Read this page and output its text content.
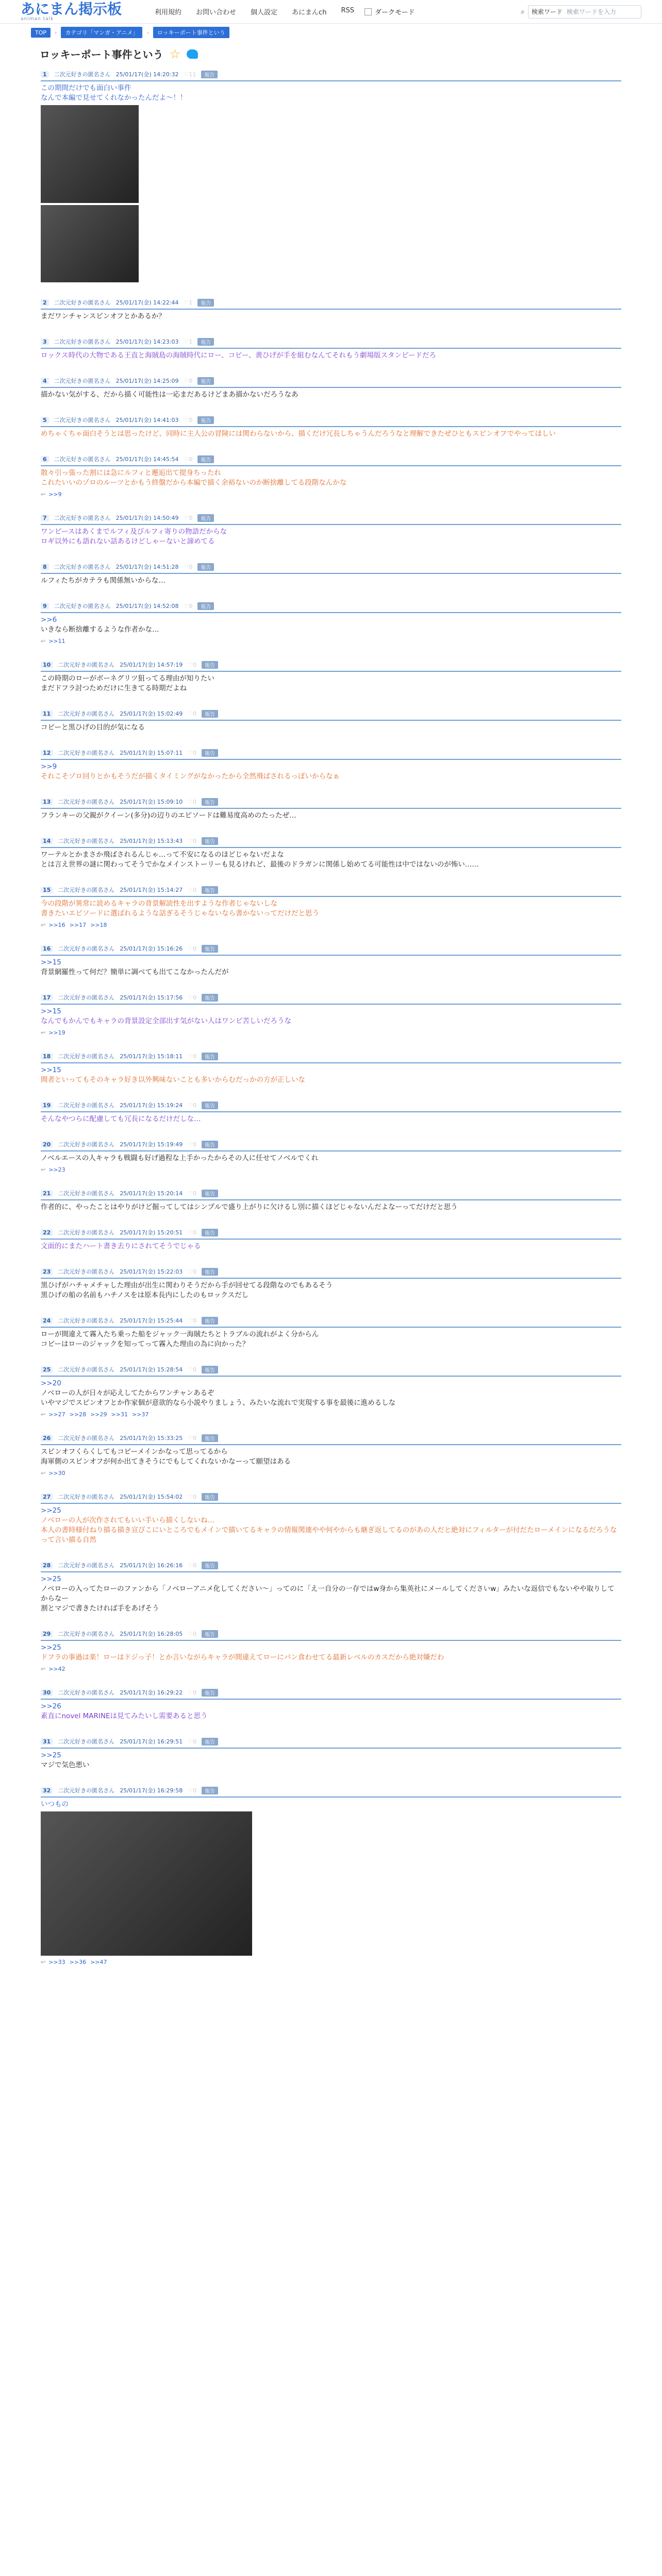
あにまん掲示板
animan talk
利用規約 お問い合わせ 個人設定 あにまんch RSS	ダークモード	⌕ 検索ワード 検索ワードを入力
TOP	›	カテゴリ「マンガ・アニメ」	›	ロッキーポート事件という
ロッキーポート事件という ☆
1	二次元好きの匿名さん 25/01/17(金) 14:20:32 ♡11	報告
この期間だけでも面白い事件
なんで本編で見せてくれなかったんだよ〜！！
2	二次元好きの匿名さん 25/01/17(金) 14:22:44 ♡1	報告
まだワンチャンスピンオフとかあるか？
3	二次元好きの匿名さん 25/01/17(金) 14:23:03 ♡1	報告
ロックス時代の大物である王直と海賊島の海賊時代にロー、コビー、黄ひげが手を組むなんてそれもう劇場版スタンピードだろ
4	二次元好きの匿名さん 25/01/17(金) 14:25:09 ♡0	報告
描かない気がする、だから描く可能性は一応まだあるけどまあ描かないだろうなあ
5	二次元好きの匿名さん 25/01/17(金) 14:41:03 ♡0	報告
めちゃくちゃ面白そうとは思ったけど、同時に主人公の冒険には関わらないから、描くだけ冗長しちゃうんだろうなと理解できたぜひともスピンオフでやってほしい
6	二次元好きの匿名さん 25/01/17(金) 14:45:54 ♡0	報告
散々引っ張った割には急にルフィと邂逅出て提身ちったれ
これたいいのゾロのルーツとかもう終盤だから本編で描く余裕ないのか断捨離してる段階なんかな
↩ >>9
7	二次元好きの匿名さん 25/01/17(金) 14:50:49 ♡0	報告
ワンピースはあくまでルフィ及びルフィ寄りの物語だからな
ロギ以外にも語れない話あるけどしゃーないと諦めてる
8	二次元好きの匿名さん 25/01/17(金) 14:51:28 ♡0	報告
ルフィたちがカテラも関係無いからな…
9	二次元好きの匿名さん 25/01/17(金) 14:52:08 ♡0	報告
>>6
いきなら断捨離するような作者かな…
↩ >>11
10	二次元好きの匿名さん 25/01/17(金) 14:57:19 ♡0	報告
この時期のローがボーネグリツ狙ってる理由が知りたい
まだドフラ討つためだけに生きてる時期だよね
11	二次元好きの匿名さん 25/01/17(金) 15:02:49 ♡0	報告
コビーと黒ひげの目的が気になる
12	二次元好きの匿名さん 25/01/17(金) 15:07:11 ♡0	報告
>>9
それこそゾロ回りとかもそうだが描くタイミングがなかったから全然飛ばされるっぽいからなぁ
13	二次元好きの匿名さん 25/01/17(金) 15:09:10 ♡0	報告
フランキーの父親がクイーン(多分)の辺りのエピソードは難易度高めのたったぜ…
14	二次元好きの匿名さん 25/01/17(金) 15:13:43 ♡0	報告
ワーテルとかまさか飛ばされるんじゃ…って不安になるのほどじゃないだよな
とは言え世界の謎に関わってそうでかなメインストーリーも見るけれど、最後のドラガンに関係し始めてる可能性は中ではないのが怖い……
15	二次元好きの匿名さん 25/01/17(金) 15:14:27 ♡0	報告
今の段階が異常に読めるキャラの背景解読性を出すような作者じゃないしな
書きたいエピソードに選ばれるような話ぎるそうじゃないなら書かないってだけだと思う
↩ >>16 >>17 >>18
16	二次元好きの匿名さん 25/01/17(金) 15:16:26 ♡0	報告
>>15
背景網羅性って何だ？簡単に調べても出てこなかったんだが
17	二次元好きの匿名さん 25/01/17(金) 15:17:56 ♡0	報告
>>15
なんでもかんでもキャラの背景設定全部出す気がない人はワンピ苦しいだろうな
↩ >>19
18	二次元好きの匿名さん 25/01/17(金) 15:18:11 ♡0	報告
>>15
間者といってもそのキャラ好き以外興味ないことも多いからむだっかの方が正しいな
19	二次元好きの匿名さん 25/01/17(金) 15:19:24 ♡0	報告
そんなやつらに配慮しても冗長になるだけだしな…
20	二次元好きの匿名さん 25/01/17(金) 15:19:49 ♡0	報告
ノベルエースの人キャラも戦闘も好げ過程な上手かったからその人に任せてノベルでくれ
↩ >>23
21	二次元好きの匿名さん 25/01/17(金) 15:20:14 ♡0	報告
作者的に、やったことはやりがけど掘ってしてはシンプルで盛り上がりに欠けるし別に描くほどじゃないんだよなーってだけだと思う
22	二次元好きの匿名さん 25/01/17(金) 15:20:51 ♡0	報告
文面的にまたハート書き去りにされてそうでじゃる
23	二次元好きの匿名さん 25/01/17(金) 15:22:03 ♡0	報告
黒ひげがハチャメチャした理由が出生に関わりそうだから手が回せてる段階なのでもあるそう
黒ひげの船の名前もハチノスをは原本長内にしたのもロックスだし
24	二次元好きの匿名さん 25/01/17(金) 15:25:44 ♡0	報告
ローが間違えて霧入たち乗った船をジャック一海賊たちとトラブルの流れがよく分からん
コビーはローのジャックを知ってって霧入た理由の為に向かった？
25	二次元好きの匿名さん 25/01/17(金) 15:28:54 ♡0	報告
>>20
ノベローの人が日々が応えしてたからワンチャンあるぞ
いやマジでスピンオフとか作家個が意欲的なら小説やりましょう、みたいな流れで実現する事を最後に進めるしな
↩ >>27 >>28 >>29 >>31 >>37
26	二次元好きの匿名さん 25/01/17(金) 15:33:25 ♡0	報告
スピンオフくらくしてもコビーメインかなって思ってるから
海軍側のスピンオフが何か出てきそうにでもしてくれないかなーって願望はある
↩ >>30
27	二次元好きの匿名さん 25/01/17(金) 15:54:02 ♡0	報告
>>25
ノベローの人が次作されてもいい手いら描くしないね…
本人の書時様付ねり描る描き宣びこにいところでもメインで描いてるキャラの情報関連やや何やからも継ぎ返してるのがあの人だと絶対にフィルターが付だたローメインになるだろうなって言い描る自然
28	二次元好きの匿名さん 25/01/17(金) 16:26:16 ♡0	報告
>>25
ノベローの入ってたローのファンから「ノベローアニメ化してください〜」ってのに「え一自分の一存ではw身から集英社にメールしてくださいw」みたいな返信でもないやや取りしてからなー
割とマジで書きたければ手をあげそう
29	二次元好きの匿名さん 25/01/17(金) 16:28:05 ♡0	報告
>>25
ドフラの事過は楽！ローはドジっ子！とか言いながらキャラが間違えてローにパン食わせてる最新レベルのカスだから絶対嫌だわ
↩ >>42
30	二次元好きの匿名さん 25/01/17(金) 16:29:22 ♡0	報告
>>26
素直にnovel MARINEは見てみたいし需要あると思う
31	二次元好きの匿名さん 25/01/17(金) 16:29:51 ♡0	報告
>>25
マジで気色悪い
32	二次元好きの匿名さん 25/01/17(金) 16:29:58 ♡0	報告
いつもの
↩ >>33 >>36 >>47
